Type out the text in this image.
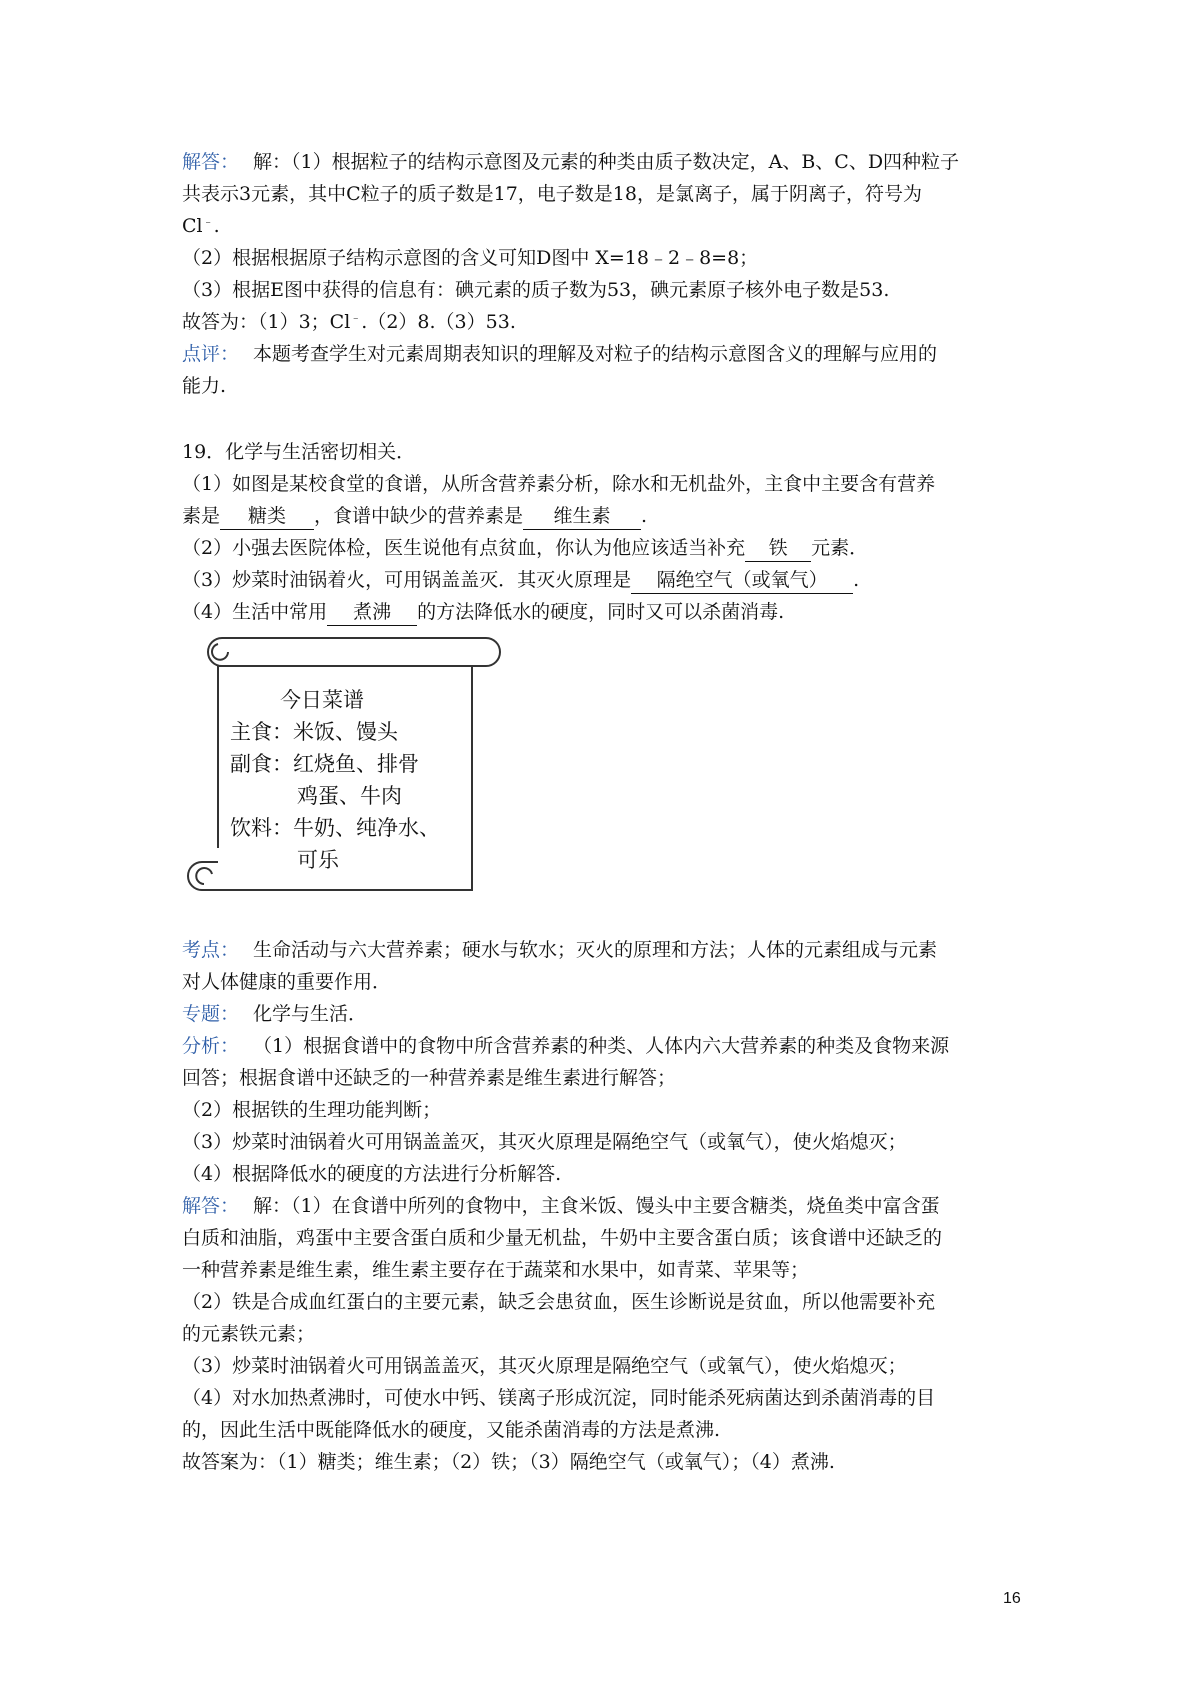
解答： 解：（1）根据粒子的结构示意图及元素的种类由质子数决定，A、B、C、D四种粒子
共表示3元素，其中C粒子的质子数是17，电子数是18，是氯离子，属于阴离子，符号为
Cl﹣.
（2）根据根据原子结构示意图的含义可知D图中 X=18﹣2﹣8=8；
（3）根据E图中获得的信息有：碘元素的质子数为53，碘元素原子核外电子数是53.
故答为：（1）3；Cl﹣.（2）8.（3）53.
点评： 本题考查学生对元素周期表知识的理解及对粒子的结构示意图含义的理解与应用的
能力.
19．化学与生活密切相关．
（1）如图是某校食堂的食谱，从所含营养素分析，除水和无机盐外，主食中主要含有营养
素是 糖类 ，食谱中缺少的营养素是 维生素 .
（2）小强去医院体检，医生说他有点贫血，你认为他应该适当补充 铁 元素．
（3）炒菜时油锅着火，可用锅盖盖灭．其灭火原理是 隔绝空气（或氧气） .
（4）生活中常用 煮沸 的方法降低水的硬度，同时又可以杀菌消毒.
今日菜谱
主食：米饭、馒头
副食：红烧鱼、排骨
鸡蛋、牛肉
饮料：牛奶、纯净水、
可乐
考点： 生命活动与六大营养素；硬水与软水；灭火的原理和方法；人体的元素组成与元素
对人体健康的重要作用．
专题： 化学与生活．
分析： （1）根据食谱中的食物中所含营养素的种类、人体内六大营养素的种类及食物来源
回答；根据食谱中还缺乏的一种营养素是维生素进行解答；
（2）根据铁的生理功能判断；
（3）炒菜时油锅着火可用锅盖盖灭，其灭火原理是隔绝空气（或氧气），使火焰熄灭；
（4）根据降低水的硬度的方法进行分析解答.
解答： 解：（1）在食谱中所列的食物中，主食米饭、馒头中主要含糖类，烧鱼类中富含蛋
白质和油脂，鸡蛋中主要含蛋白质和少量无机盐，牛奶中主要含蛋白质；该食谱中还缺乏的
一种营养素是维生素，维生素主要存在于蔬菜和水果中，如青菜、苹果等；
（2）铁是合成血红蛋白的主要元素，缺乏会患贫血，医生诊断说是贫血，所以他需要补充
的元素铁元素；
（3）炒菜时油锅着火可用锅盖盖灭，其灭火原理是隔绝空气（或氧气），使火焰熄灭；
（4）对水加热煮沸时，可使水中钙、镁离子形成沉淀，同时能杀死病菌达到杀菌消毒的目
的，因此生活中既能降低水的硬度，又能杀菌消毒的方法是煮沸.
故答案为：（1）糖类；维生素；（2）铁；（3）隔绝空气（或氧气）；（4）煮沸.
16
